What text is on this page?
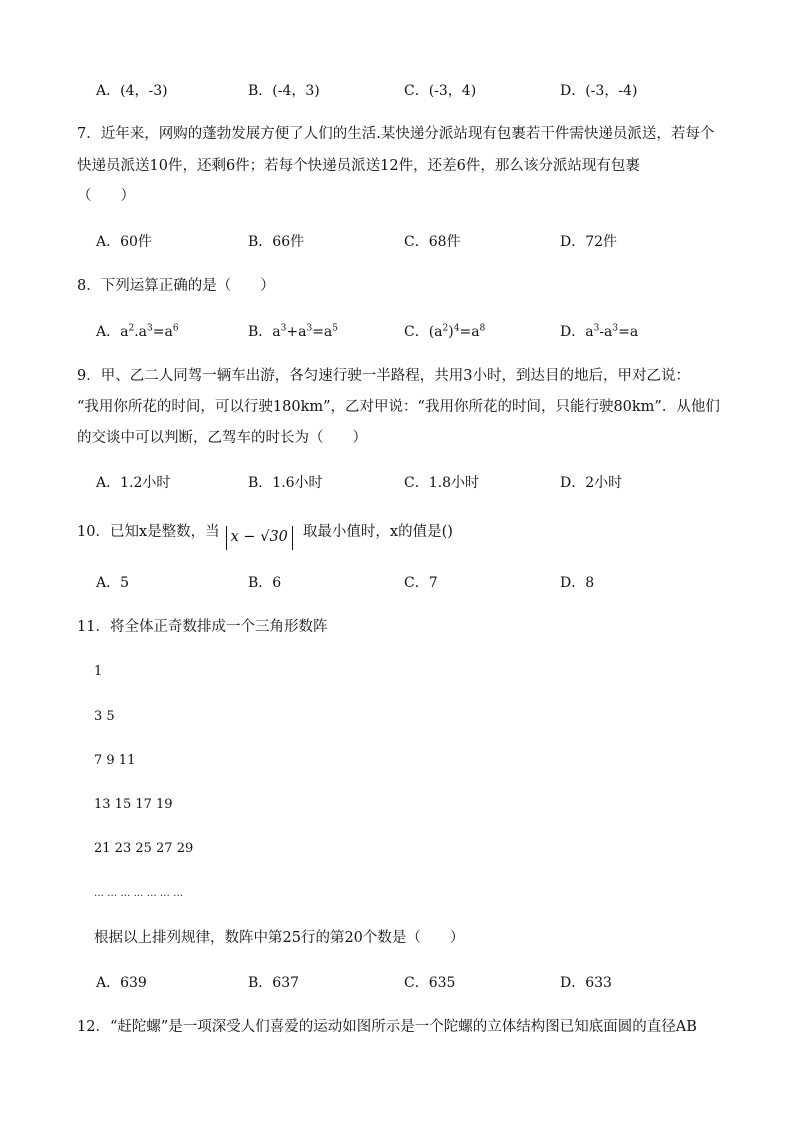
A．(4，-3)	B．(-4，3)	C．(-3，4)	D．(-3，-4)
7．近年来，网购的蓬勃发展方便了人们的生活.某快递分派站现有包裹若干件需快递员派送，若每个
快递员派送10件，还剩6件；若每个快递员派送12件，还差6件，那么该分派站现有包裹
（　　）
A．60件	B．66件	C．68件	D．72件
8．下列运算正确的是（　　）
A．$a^2.a^3=a^6$	B．$a^3+a^3=a^5$	C．$(a^2)^4=a^8$	D．$a^3-a^3=a$
9．甲、乙二人同驾一辆车出游，各匀速行驶一半路程，共用3小时，到达目的地后，甲对乙说：
“我用你所花的时间，可以行驶180km”，乙对甲说：“我用你所花的时间，只能行驶80km”．从他们
的交谈中可以判断，乙驾车的时长为（　　）
A．1.2小时	B．1.6小时	C．1.8小时	D．2小时
10．已知x是整数，当 x − √30 取最小值时，x的值是()
A．5	B．6	C．7	D．8
11．将全体正奇数排成一个三角形数阵
1
3 5
7 9 11
13 15 17 19
21 23 25 27 29
… … … … … … …
根据以上排列规律，数阵中第25行的第20个数是（　　）
A．639	B．637	C．635	D．633
12．“赶陀螺”是一项深受人们喜爱的运动如图所示是一个陀螺的立体结构图已知底面圆的直径AB
